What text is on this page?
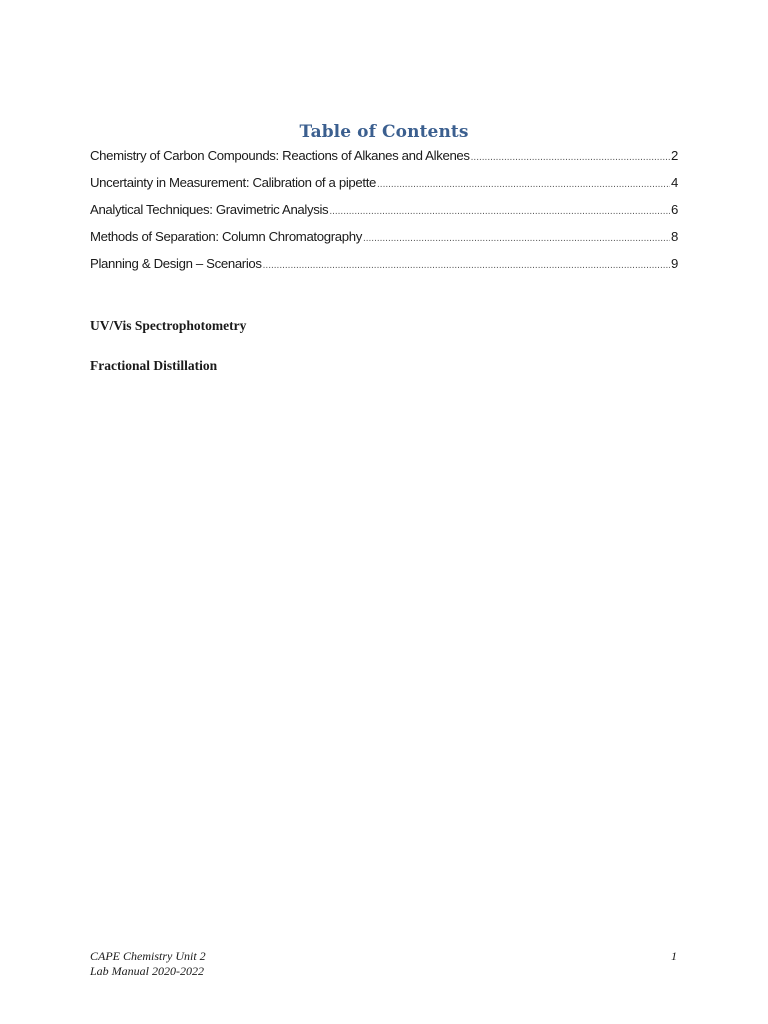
Table of Contents
Chemistry of Carbon Compounds: Reactions of Alkanes and Alkenes .....	2
Uncertainty in Measurement: Calibration of a pipette .....	4
Analytical Techniques: Gravimetric Analysis .....	6
Methods of Separation: Column Chromatography .....	8
Planning & Design – Scenarios .....	9
UV/Vis Spectrophotometry
Fractional Distillation
CAPE Chemistry Unit 2
Lab Manual 2020-2022
1
